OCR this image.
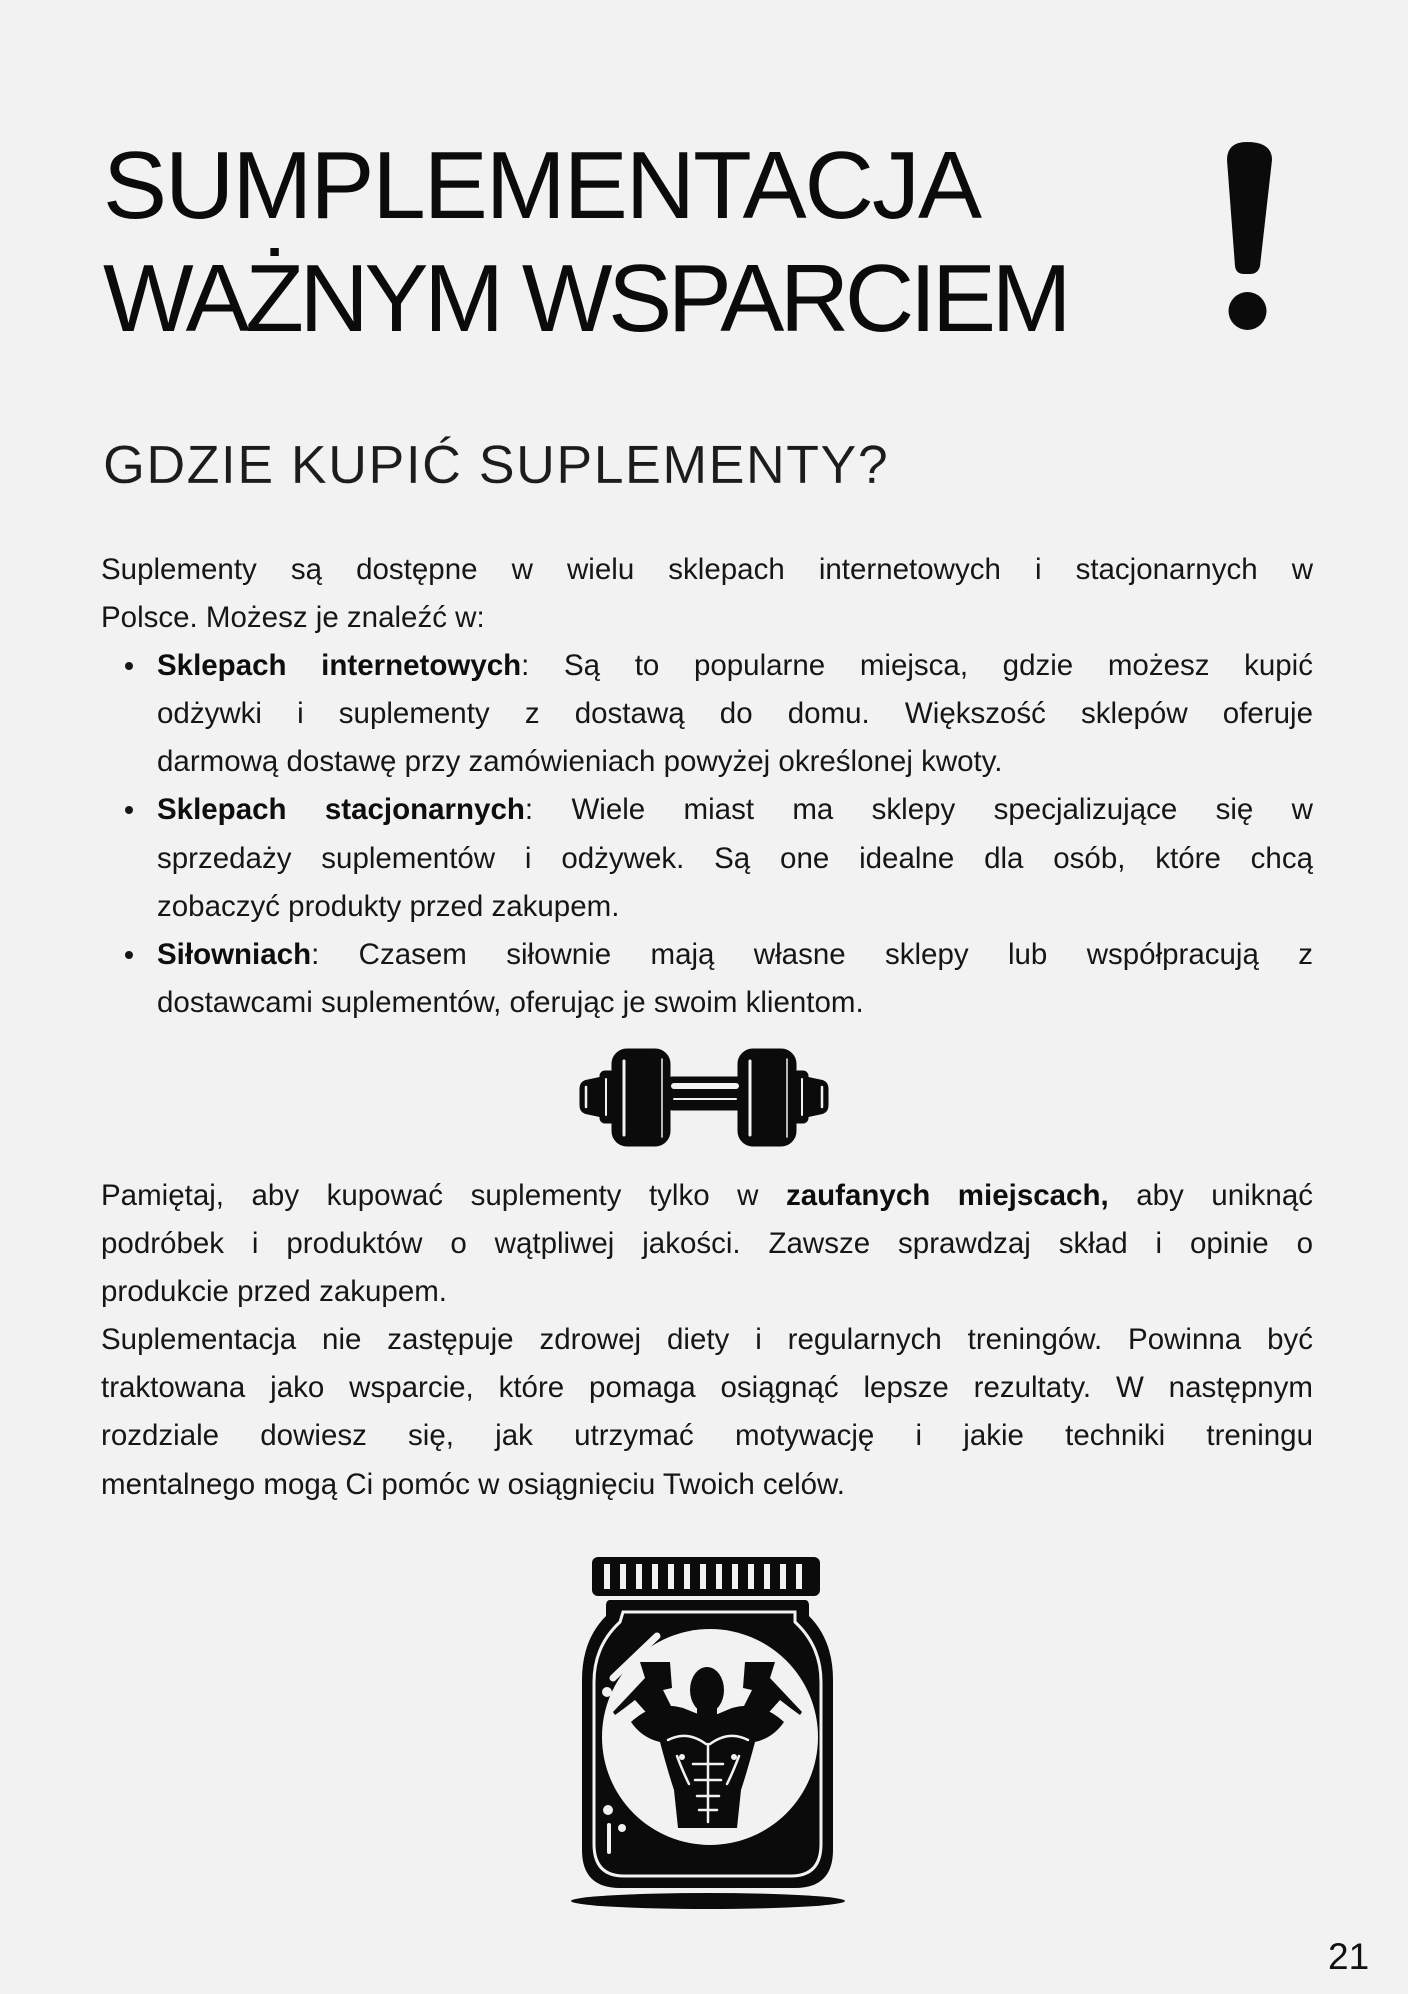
SUMPLEMENTACJA
WAŻNYM WSPARCIEM
GDZIE KUPIĆ SUPLEMENTY?
Suplementy są dostępne w wielu sklepach internetowych i stacjonarnych w
Polsce. Możesz je znaleźć w:
Sklepach internetowych: Są to popularne miejsca, gdzie możesz kupić
odżywki i suplementy z dostawą do domu. Większość sklepów oferuje
darmową dostawę przy zamówieniach powyżej określonej kwoty.
Sklepach stacjonarnych: Wiele miast ma sklepy specjalizujące się w
sprzedaży suplementów i odżywek. Są one idealne dla osób, które chcą
zobaczyć produkty przed zakupem.
Siłowniach: Czasem siłownie mają własne sklepy lub współpracują z
dostawcami suplementów, oferując je swoim klientom.
Pamiętaj, aby kupować suplementy tylko w zaufanych miejscach, aby uniknąć
podróbek i produktów o wątpliwej jakości. Zawsze sprawdzaj skład i opinie o
produkcie przed zakupem.
Suplementacja nie zastępuje zdrowej diety i regularnych treningów. Powinna być
traktowana jako wsparcie, które pomaga osiągnąć lepsze rezultaty. W następnym
rozdziale dowiesz się, jak utrzymać motywację i jakie techniki treningu
mentalnego mogą Ci pomóc w osiągnięciu Twoich celów.
21
